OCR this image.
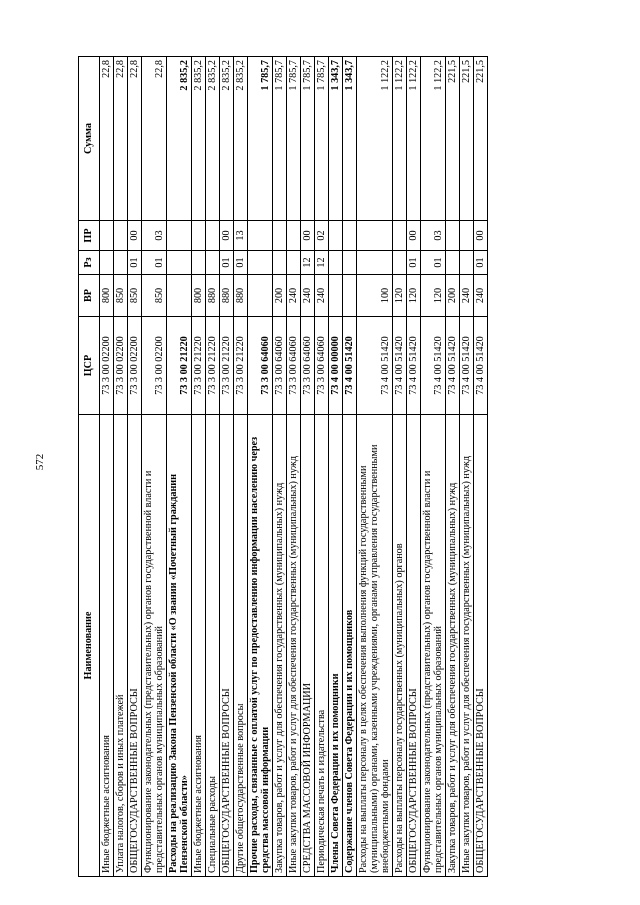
572
Наименование	ЦСР	ВР	Рз	ПР	Сумма
Иные бюджетные ассигнования	73 3 00 02200	800			22,8
Уплата налогов, сборов и иных платежей	73 3 00 02200	850			22,8
ОБЩЕГОСУДАРСТВЕННЫЕ ВОПРОСЫ	73 3 00 02200	850	01	00	22,8
Функционирование законодательных (представительных) органов государственной власти и представительных органов муниципальных образований	73 3 00 02200	850	01	03	22,8
Расходы на реализацию Закона Пензенской области «О звании «Почетный гражданин Пензенской области»	73 3 00 21220				2 835,2
Иные бюджетные ассигнования	73 3 00 21220	800			2 835,2
Специальные расходы	73 3 00 21220	880			2 835,2
ОБЩЕГОСУДАРСТВЕННЫЕ ВОПРОСЫ	73 3 00 21220	880	01	00	2 835,2
Другие общегосударственные вопросы	73 3 00 21220	880	01	13	2 835,2
Прочие расходы, связанные с оплатой услуг по предоставлению информации населению через средства массовой информации	73 3 00 64060				1 785,7
Закупка товаров, работ и услуг для обеспечения государственных (муниципальных) нужд	73 3 00 64060	200			1 785,7
Иные закупки товаров, работ и услуг для обеспечения государственных (муниципальных) нужд	73 3 00 64060	240			1 785,7
СРЕДСТВА МАССОВОЙ ИНФОРМАЦИИ	73 3 00 64060	240	12	00	1 785,7
Периодическая печать и издательства	73 3 00 64060	240	12	02	1 785,7
Члены Совета Федерации и их помощники	73 4 00 00000				1 343,7
Содержание членов Совета Федерации и их помощников	73 4 00 51420				1 343,7
Расходы на выплаты персоналу в целях обеспечения выполнения функций государственными (муниципальными) органами, казенными учреждениями, органами управления государственными внебюджетными фондами	73 4 00 51420	100			1 122,2
Расходы на выплаты персоналу государственных (муниципальных) органов	73 4 00 51420	120			1 122,2
ОБЩЕГОСУДАРСТВЕННЫЕ ВОПРОСЫ	73 4 00 51420	120	01	00	1 122,2
Функционирование законодательных (представительных) органов государственной власти и представительных органов муниципальных образований	73 4 00 51420	120	01	03	1 122,2
Закупка товаров, работ и услуг для обеспечения государственных (муниципальных) нужд	73 4 00 51420	200			221,5
Иные закупки товаров, работ и услуг для обеспечения государственных (муниципальных) нужд	73 4 00 51420	240			221,5
ОБЩЕГОСУДАРСТВЕННЫЕ ВОПРОСЫ	73 4 00 51420	240	01	00	221,5
